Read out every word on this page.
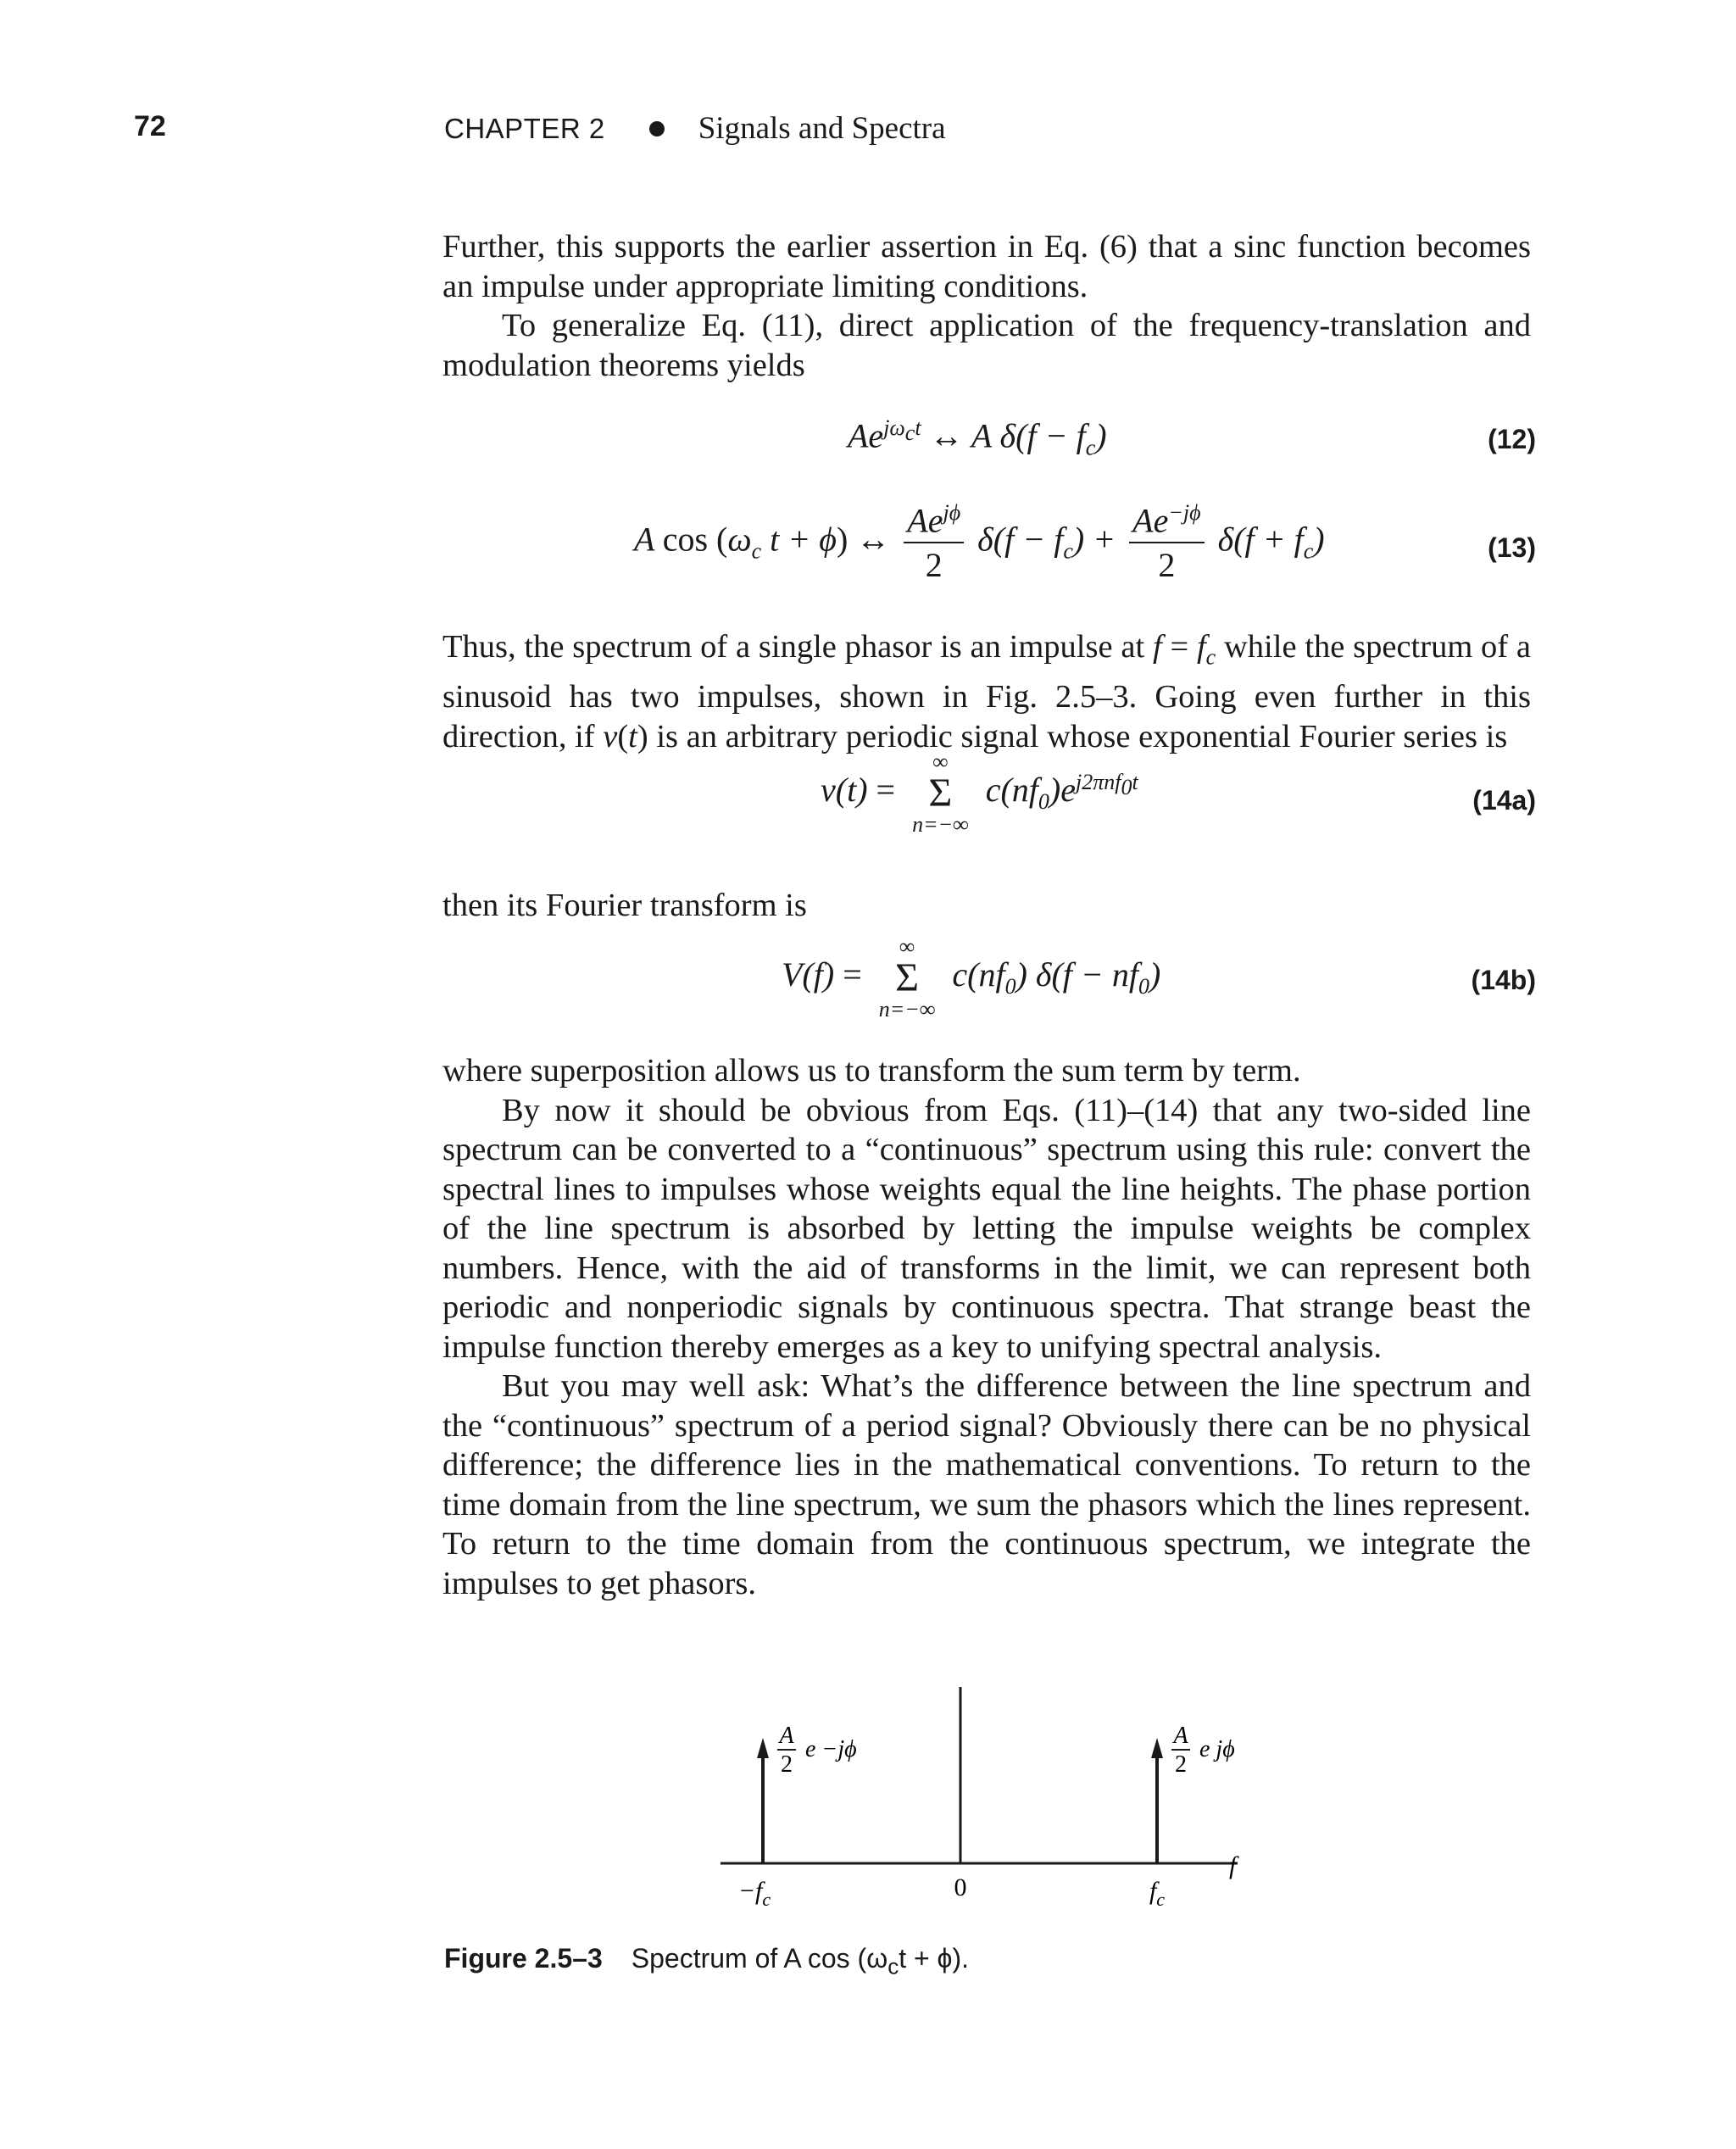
72	CHAPTER 2	Signals and Spectra

Further, this supports the earlier assertion in Eq. (6) that a sinc function becomes an impulse under appropriate limiting conditions.

To generalize Eq. (11), direct application of the frequency-translation and modulation theorems yields

$Ae^{j\omega_ct}$ ↔ A $\delta(f - f_c)$	(12)
A $\cos (\omega_c$ t + ϕ) ↔ $\frac{Ae^{j\phi}}{2} \delta(f - f_c) + \frac{Ae^{-j\phi}}{2} \delta(f + f_c)$	(13)

Thus, the spectrum of a single phasor is an impulse at $f = f_c$ while the spectrum of a sinusoid has two impulses, shown in Fig. 2.5–3. Going even further in this direction, if v(t) is an arbitrary periodic signal whose exponential Fourier series is

v(t) =
∞
Σ
n=−∞
$c(nf_0)e^{j2\pi nf_0t}$
(14a)
then its Fourier transform is
V(f) =
∞
Σ
n=−∞
$c(nf_0) \delta(f - nf_0)$	(14b)

where superposition allows us to transform the sum term by term.

By now it should be obvious from Eqs. (11)–(14) that any two-sided line spectrum can be converted to a “continuous” spectrum using this rule: convert the spectral lines to impulses whose weights equal the line heights. The phase portion of the line spectrum is absorbed by letting the impulse weights be complex numbers. Hence, with the aid of transforms in the limit, we can represent both periodic and nonperiodic signals by continuous spectra. That strange beast the impulse function thereby emerges as a key to unifying spectral analysis.

But you may well ask: What’s the difference between the line spectrum and the “continuous” spectrum of a period signal? Obviously there can be no physical difference; the difference lies in the mathematical conventions. To return to the time domain from the line spectrum, we sum the phasors which the lines represent. To return to the time domain from the continuous spectrum, we integrate the impulses to get phasors.

A
2
e −jϕ
A
2
e jϕ
$-f_c$	0	$f_c$
f
Figure 2.5–3 Spectrum of A $\cos (\omega_ct + \phi)$.
